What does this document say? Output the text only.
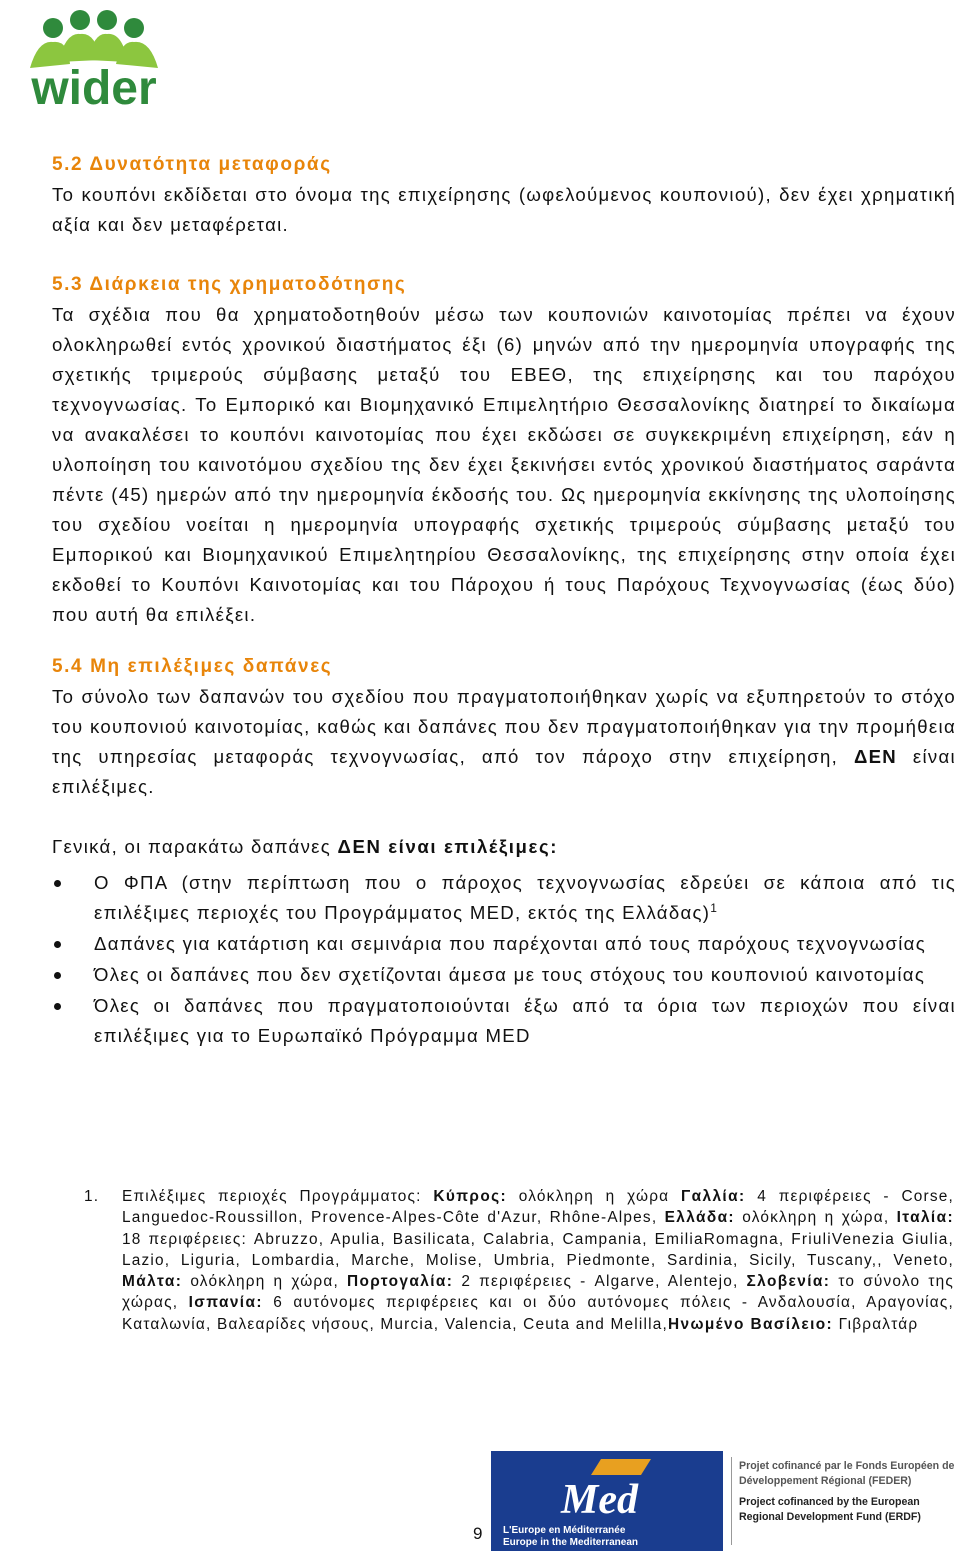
wider
5.2 Δυνατότητα μεταφοράς

Το κουπόνι εκδίδεται στο όνομα της επιχείρησης (ωφελούμενος κουπονιού), δεν έχει χρηματική αξία και δεν μεταφέρεται.

5.3 Διάρκεια της χρηματοδότησης

Τα σχέδια που θα χρηματοδοτηθούν μέσω των κουπονιών καινοτομίας πρέπει να έχουν ολοκληρωθεί εντός χρονικού διαστήματος έξι (6) μηνών από την ημερομηνία υπογραφής της σχετικής τριμερούς σύμβασης μεταξύ του ΕΒΕΘ, της επιχείρησης και του παρόχου τεχνογνωσίας. Το Εμπορικό και Βιομηχανικό Επιμελητήριο Θεσσαλονίκης διατηρεί το δικαίωμα να ανακαλέσει το κουπόνι καινοτομίας που έχει εκδώσει σε συγκεκριμένη επιχείρηση, εάν η υλοποίηση του καινοτόμου σχεδίου της δεν έχει ξεκινήσει εντός χρονικού διαστήματος σαράντα πέντε (45) ημερών από την ημερομηνία έκδοσής του. Ως ημερομηνία εκκίνησης της υλοποίησης του σχεδίου νοείται η ημερομηνία υπογραφής σχετικής τριμερούς σύμβασης μεταξύ του Εμπορικού και Βιομηχανικού Επιμελητηρίου Θεσσαλονίκης, της επιχείρησης στην οποία έχει εκδοθεί το Κουπόνι Καινοτομίας και του Πάροχου ή τους Παρόχους Τεχνογνωσίας (έως δύο) που αυτή θα επιλέξει.

5.4 Μη επιλέξιμες δαπάνες

Το σύνολο των δαπανών του σχεδίου που πραγματοποιήθηκαν χωρίς να εξυπηρετούν το στόχο του κουπονιού καινοτομίας, καθώς και δαπάνες που δεν πραγματοποιήθηκαν για την προμήθεια της υπηρεσίας μεταφοράς τεχνογνωσίας, από τον πάροχο στην επιχείρηση, ΔΕΝ είναι επιλέξιμες.

Γενικά, οι παρακάτω δαπάνες ΔΕΝ είναι επιλέξιμες:

Ο ΦΠΑ (στην περίπτωση που ο πάροχος τεχνογνωσίας εδρεύει σε κάποια από τις επιλέξιμες περιοχές του Προγράμματος MED, εκτός της Ελλάδας)$^1$
Δαπάνες για κατάρτιση και σεμινάρια που παρέχονται από τους παρόχους τεχνογνωσίας
Όλες οι δαπάνες που δεν σχετίζονται άμεσα με τους στόχους του κουπονιού καινοτομίας
Όλες οι δαπάνες που πραγματοποιούνται έξω από τα όρια των περιοχών που είναι επιλέξιμες για το Ευρωπαϊκό Πρόγραμμα MED
1. Επιλέξιμες περιοχές Προγράμματος: Κύπρος: ολόκληρη η χώρα Γαλλία: 4 περιφέρειες - Corse, Languedoc-Roussillon, Provence-Alpes-Côte d'Azur, Rhône-Alpes, Ελλάδα: ολόκληρη η χώρα, Ιταλία: 18 περιφέρειες: Abruzzo, Apulia, Basilicata, Calabria, Campania, EmiliaRomagna, FriuliVenezia Giulia, Lazio, Liguria, Lombardia, Marche, Molise, Umbria, Piedmonte, Sardinia, Sicily, Tuscany,, Veneto, Μάλτα: ολόκληρη η χώρα, Πορτογαλία: 2 περιφέρειες - Algarve, Alentejo, Σλοβενία: το σύνολο της χώρας, Ισπανία: 6 αυτόνομες περιφέρειες και οι δύο αυτόνομες πόλεις - Ανδαλουσία, Αραγονίας, Καταλωνία, Βαλεαρίδες νήσους, Murcia, Valencia, Ceuta and Melilla,Ηνωμένο Βασίλειο: Γιβραλτάρ
9
Med
L'Europe en Méditerranée
Europe in the Mediterranean
Projet cofinancé par le Fonds Européen de Développement Régional (FEDER)
Project cofinanced by the European Regional Development Fund (ERDF)
